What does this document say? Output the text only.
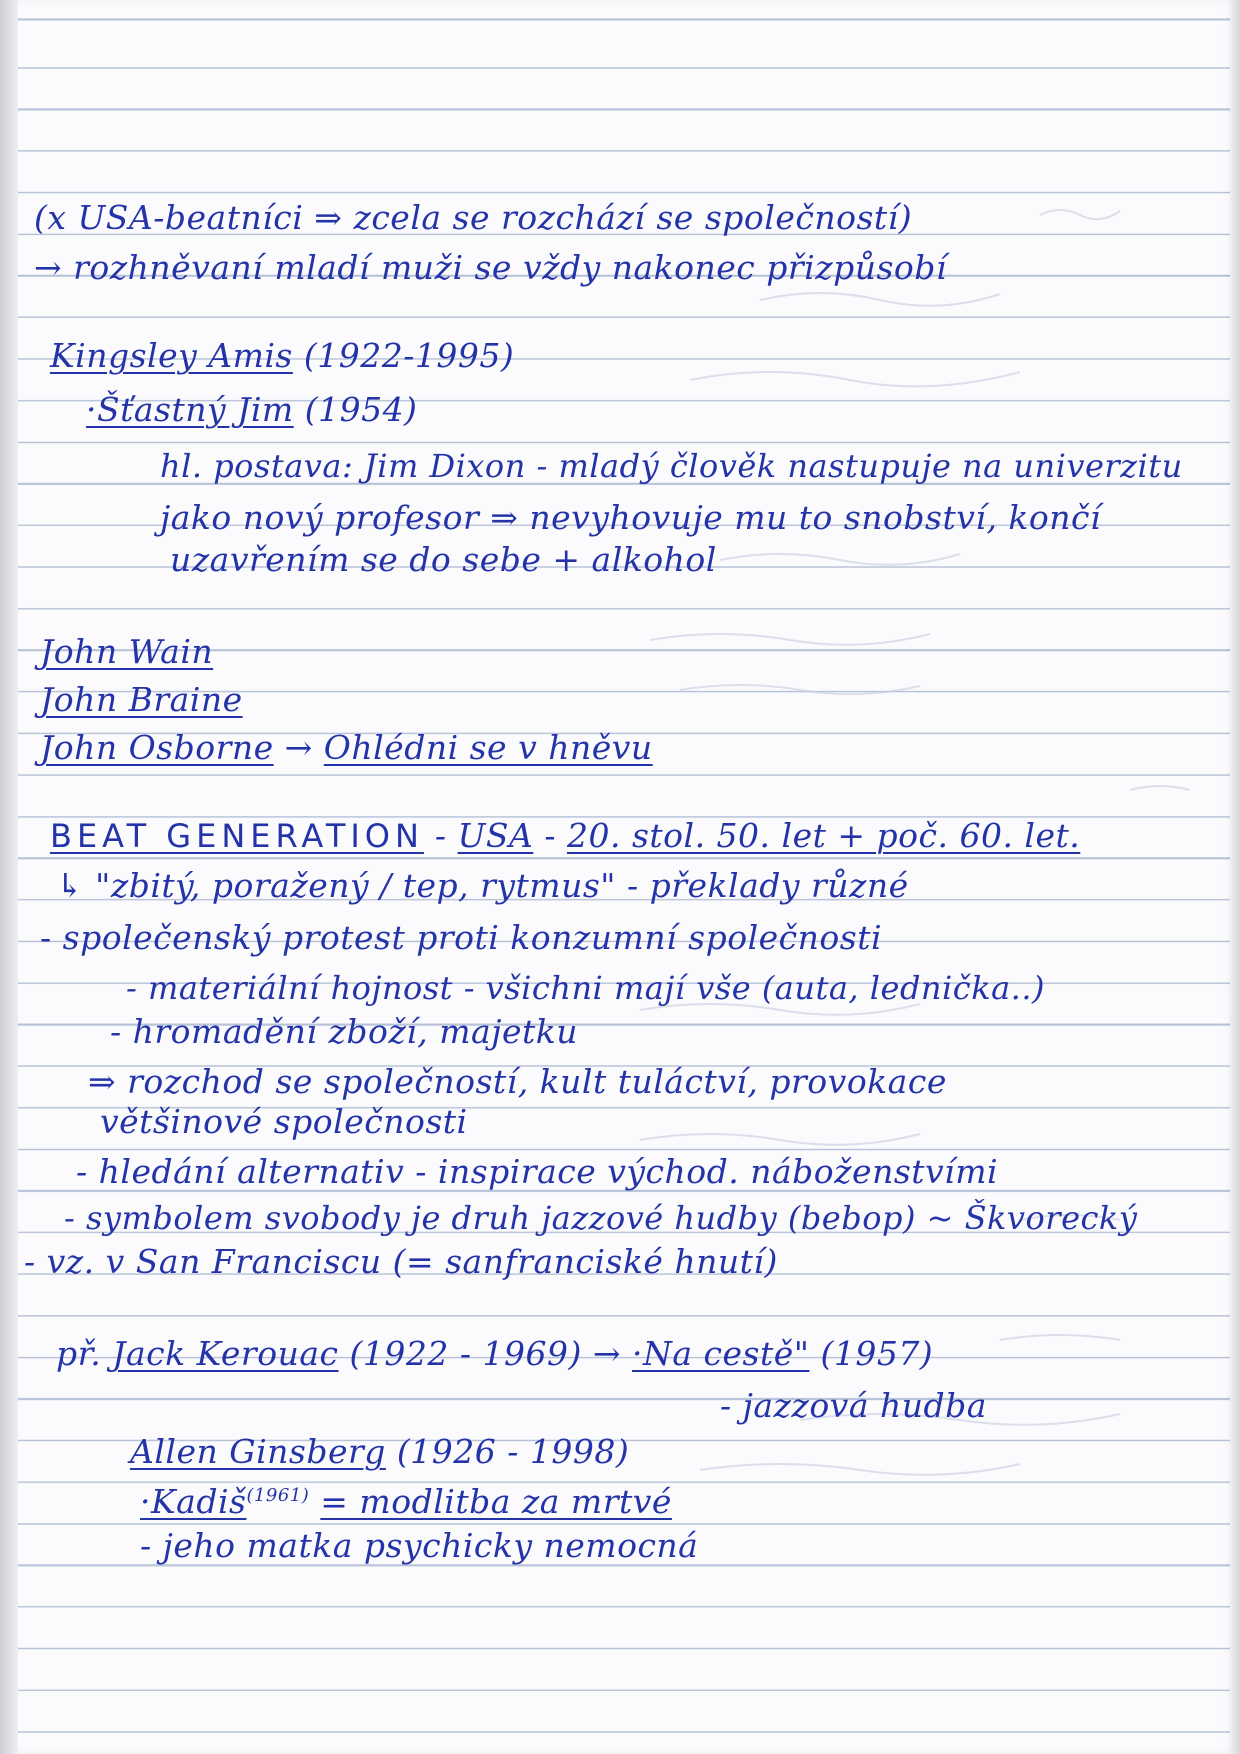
(x USA-beatníci ⇒ zcela se rozchází se společností)
→ rozhněvaní mladí muži se vždy nakonec přizpůsobí
Kingsley Amis (1922-1995)
·Šťastný Jim (1954)
hl. postava: Jim Dixon - mladý člověk nastupuje na univerzitu
jako nový profesor ⇒ nevyhovuje mu to snobství, končí
uzavřením se do sebe + alkohol
John Wain
John Braine
John Osborne → Ohlédni se v hněvu
BEAT GENERATION - USA - 20. stol. 50. let + poč. 60. let.
↳ "zbitý, poražený / tep, rytmus" - překlady různé
- společenský protest proti konzumní společnosti
- materiální hojnost - všichni mají vše (auta, lednička..)
- hromadění zboží, majetku
⇒ rozchod se společností, kult tuláctví, provokace
většinové společnosti
- hledání alternativ - inspirace východ. náboženstvími
- symbolem svobody je druh jazzové hudby (bebop) ~ Škvorecký
- vz. v San Franciscu (= sanfranciské hnutí)
př. Jack Kerouac (1922 - 1969) → ·Na cestě" (1957)
- jazzová hudba
Allen Ginsberg (1926 - 1998)
·Kadiš$^{(1961)}$ = modlitba za mrtvé
- jeho matka psychicky nemocná
